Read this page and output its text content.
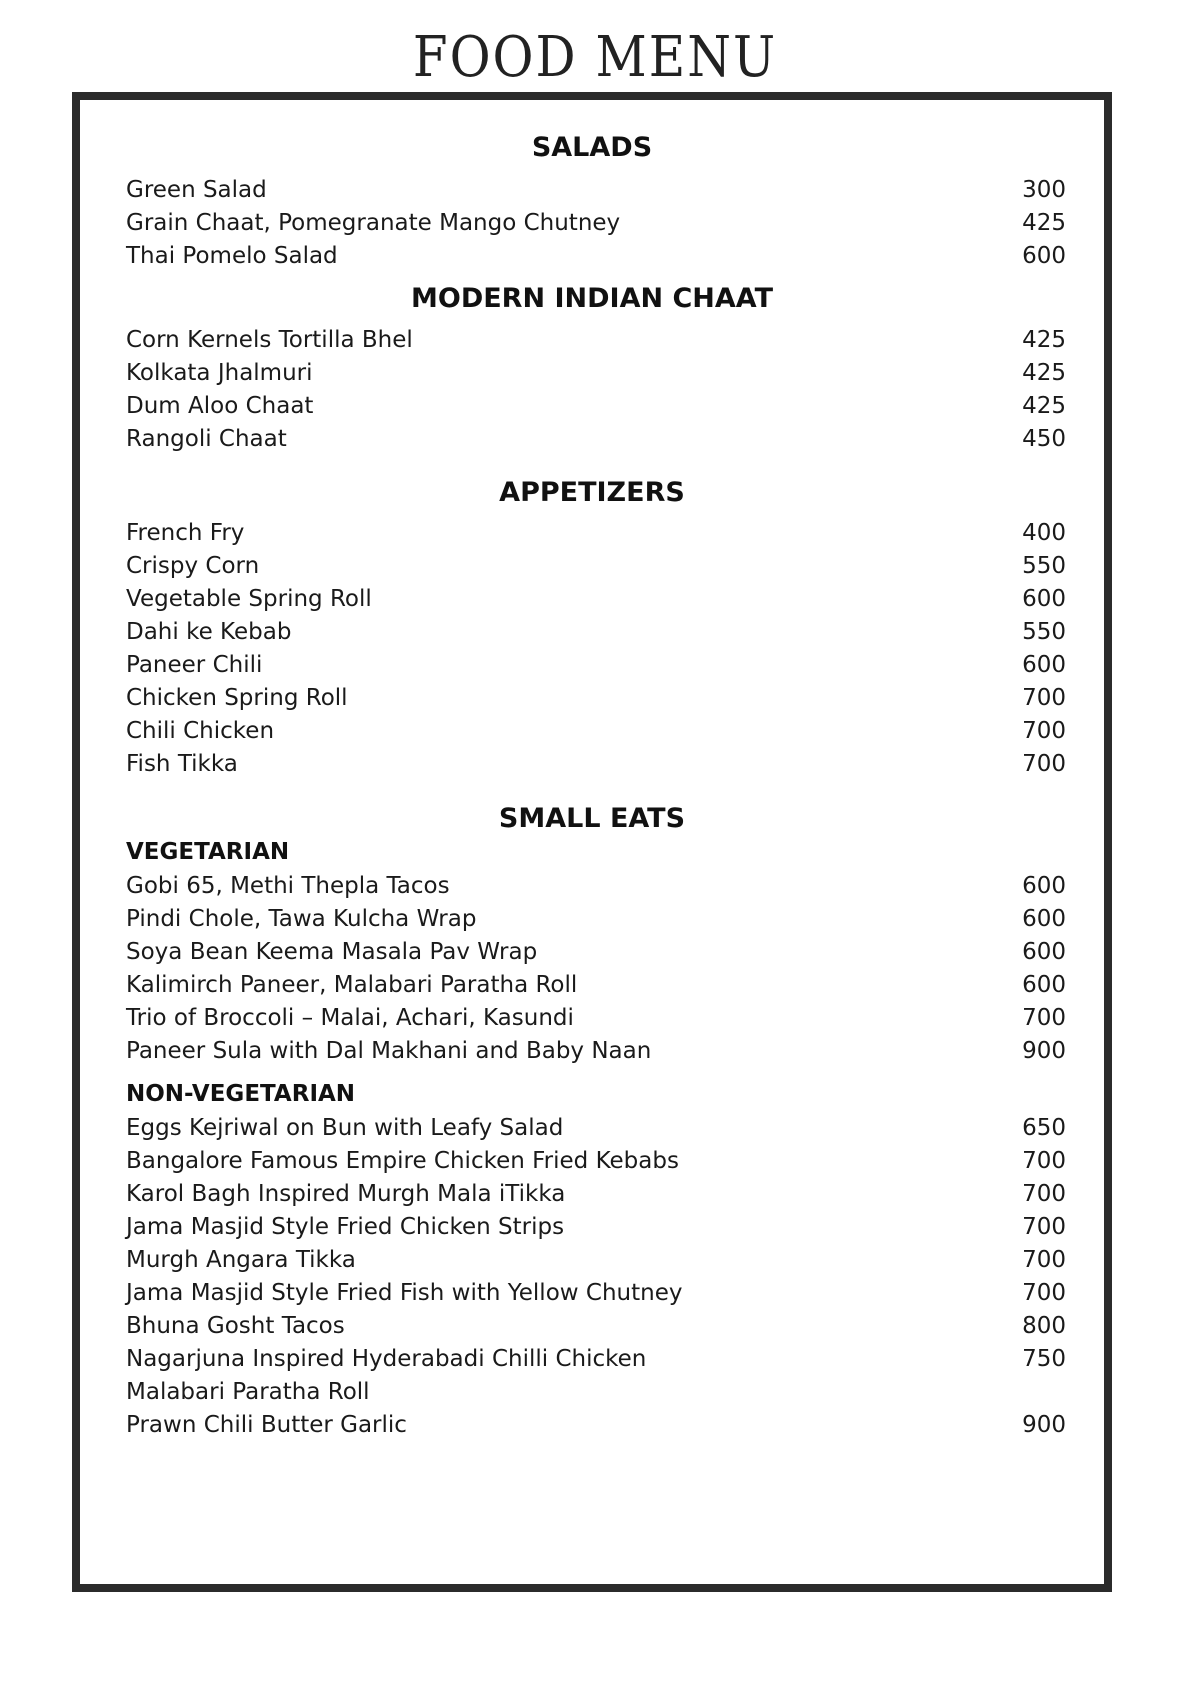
FOOD MENU
SALADS
Green Salad	300
Grain Chaat, Pomegranate Mango Chutney	425
Thai Pomelo Salad	600
MODERN INDIAN CHAAT
Corn Kernels Tortilla Bhel	425
Kolkata Jhalmuri	425
Dum Aloo Chaat	425
Rangoli Chaat	450
APPETIZERS
French Fry	400
Crispy Corn	550
Vegetable Spring Roll	600
Dahi ke Kebab	550
Paneer Chili	600
Chicken Spring Roll	700
Chili Chicken	700
Fish Tikka	700
SMALL EATS
VEGETARIAN
Gobi 65, Methi Thepla Tacos	600
Pindi Chole, Tawa Kulcha Wrap	600
Soya Bean Keema Masala Pav Wrap	600
Kalimirch Paneer, Malabari Paratha Roll	600
Trio of Broccoli – Malai, Achari, Kasundi	700
Paneer Sula with Dal Makhani and Baby Naan	900
NON-VEGETARIAN
Eggs Kejriwal on Bun with Leafy Salad	650
Bangalore Famous Empire Chicken Fried Kebabs	700
Karol Bagh Inspired Murgh Mala iTikka	700
Jama Masjid Style Fried Chicken Strips	700
Murgh Angara Tikka	700
Jama Masjid Style Fried Fish with Yellow Chutney	700
Bhuna Gosht Tacos	800
Nagarjuna Inspired Hyderabadi Chilli Chicken	750
Malabari Paratha Roll
Prawn Chili Butter Garlic	900
